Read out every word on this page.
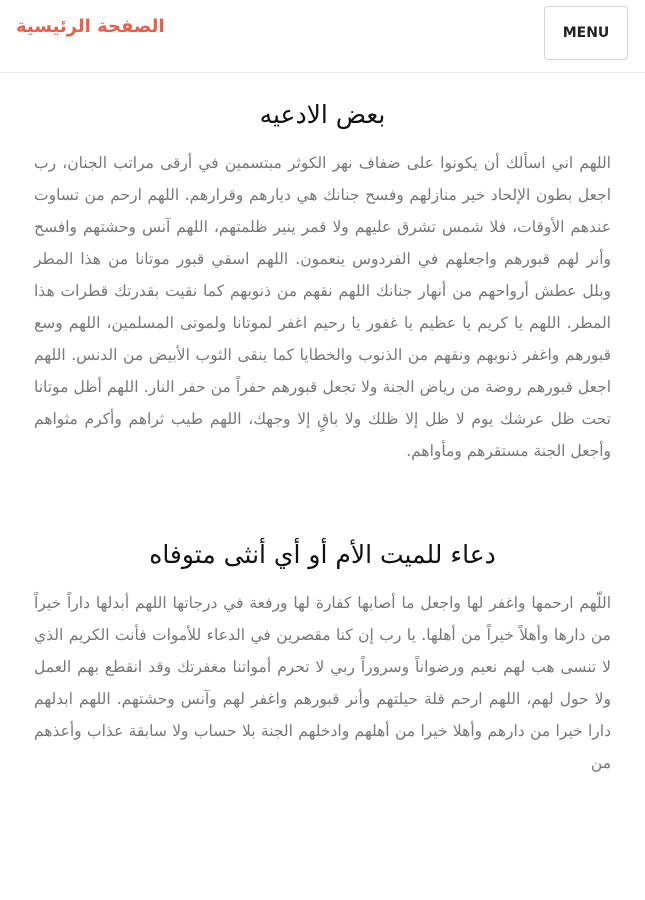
الصفحة الرئيسية	MENU
بعض الادعيه

اللهم اني اسألك أن يكونوا على ضفاف نهر الكوثر مبتسمين في أرقى مراتب الجنان، رب اجعل بطون الإلحاد خير منازلهم وفسح جنانك هي ديارهم وقرارهم. اللهم ارحم من تساوت عندهم الأوقات، فلا شمس تشرق عليهم ولا قمر ينير ظلمتهم، اللهم آنس وحشتهم وافسح وأنر لهم قبورهم واجعلهم في الفردوس ينعمون. اللهم اسقي قبور موتانا من هذا المطر وبلل عطش أرواحهم من أنهار جنانك اللهم نقهم من ذنوبهم كما نقيت بقدرتك قطرات هذا المطر. اللهم يا كريم يا عظيم يا غفور يا رحيم اغفر لموتانا ولموتى المسلمين، اللهم وسع قبورهم واغفر ذنوبهم ونقهم من الذنوب والخطايا كما ينقى الثوب الأبيض من الدنس. اللهم اجعل قبورهم روضة من رياض الجنة ولا تجعل قبورهم حفراً من حفر النار. اللهم أظل موتانا تحت ظل عرشك يوم لا ظل إلا ظلك ولا باقٍ إلا وجهك، اللهم طيب ثراهم وأكرم مثواهم وأجعل الجنة مستقرهم ومأواهم.

دعاء للميت الأم أو أي أنثى متوفاه

اللّهم ارحمها واغفر لها واجعل ما أصابها كفارة لها ورفعة في درجاتها اللهم أبدلها داراً خيراً من دارها وأهلاً خيراً من أهلها. يا رب إن كنا مقصرين في الدعاء للأموات فأنت الكريم الذي لا تنسى هب لهم نعيم ورضواناً وسروراً ربي لا تحرم أمواتنا مغفرتك وقد انقطع بهم العمل ولا حول لهم، اللهم ارحم قلة حيلتهم وأنر قبورهم واغفر لهم وآنس وحشتهم. اللهم ابدلهم دارا خيرا من دارهم وأهلا خيرا من أهلهم وادخلهم الجنة بلا حساب ولا سابقة عذاب وأعذهم من
